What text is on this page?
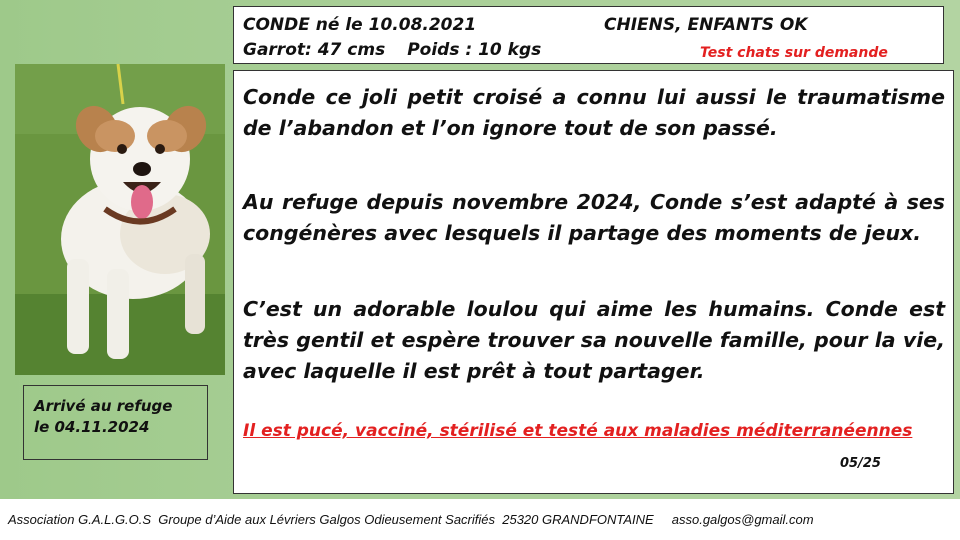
CONDE né le 10.08.2021	CHIENS, ENFANTS OK
Garrot: 47 cms Poids : 10 kgs	Test chats sur demande
Arrivé au refuge
le 04.11.2024

Conde ce joli petit croisé a connu lui aussi le traumatisme de l’abandon et l’on ignore tout de son passé.

Au refuge depuis novembre 2024, Conde s’est adapté à ses congénères avec lesquels il partage des moments de jeux.

C’est un adorable loulou qui aime les humains. Conde est très gentil et espère trouver sa nouvelle famille, pour la vie, avec laquelle il est prêt à tout partager.

Il est pucé, vacciné, stérilisé et testé aux maladies méditerranéennes

05/25
Association G.A.L.G.O.S  Groupe d’Aide aux Lévriers Galgos Odieusement Sacrifiés  25320 GRANDFONTAINE     asso.galgos@gmail.com
